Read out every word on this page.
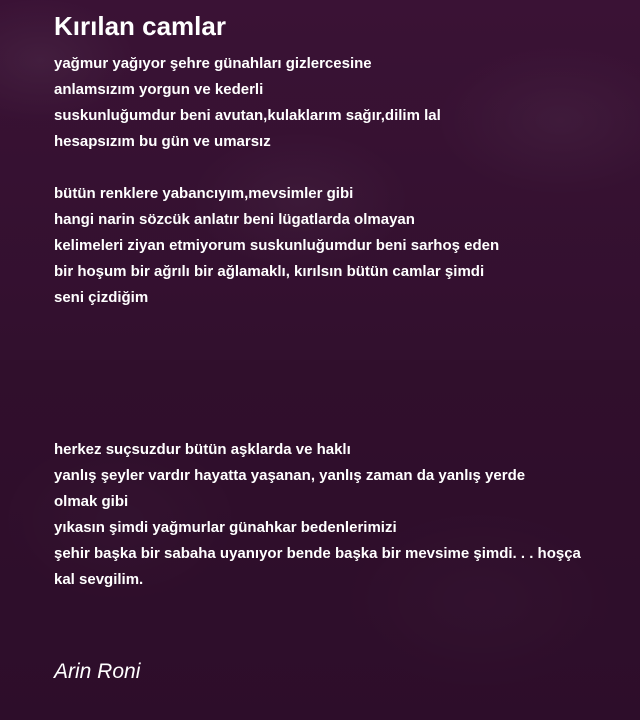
Kırılan camlar
yağmur yağıyor şehre günahları gizlercesine
anlamsızım yorgun ve kederli
suskunluğumdur beni avutan,kulaklarım sağır,dilim lal
hesapsızım bu gün ve umarsız
bütün renklere yabancıyım,mevsimler gibi
hangi narin sözcük anlatır beni lügatlarda olmayan
kelimeleri ziyan etmiyorum suskunluğumdur beni sarhoş eden
bir hoşum bir ağrılı bir ağlamaklı, kırılsın bütün camlar şimdi
seni çizdiğim
herkez suçsuzdur bütün aşklarda ve haklı
yanlış şeyler vardır hayatta yaşanan, yanlış zaman da yanlış yerde
olmak gibi
yıkasın şimdi yağmurlar günahkar bedenlerimizi
şehir başka bir sabaha uyanıyor bende başka bir mevsime şimdi. . . hoşça
kal sevgilim.

Arin Roni
